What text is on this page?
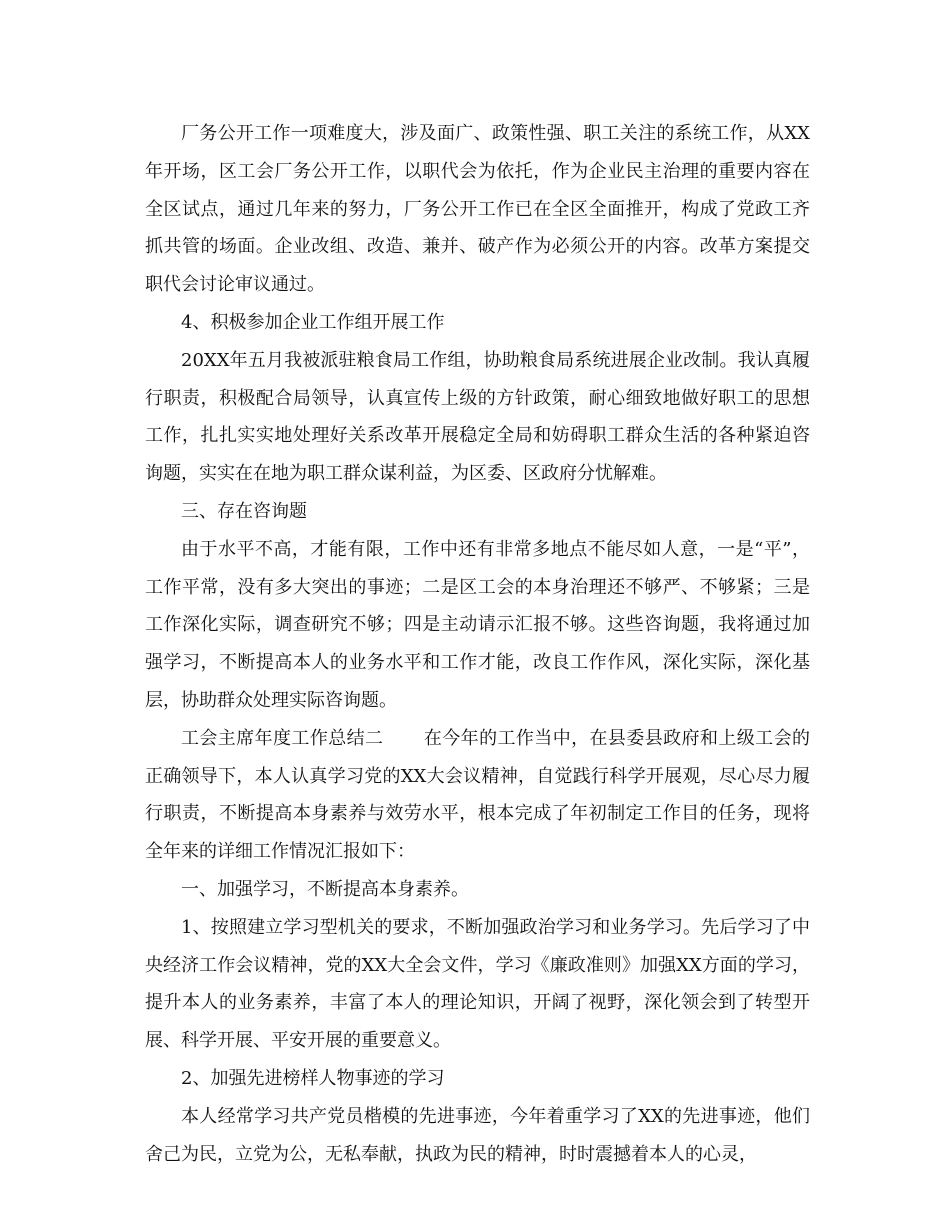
厂务公开工作一项难度大，涉及面广、政策性强、职工关注的系统工作，从XX年开场，区工会厂务公开工作，以职代会为依托，作为企业民主治理的重要内容在全区试点，通过几年来的努力，厂务公开工作已在全区全面推开，构成了党政工齐抓共管的场面。企业改组、改造、兼并、破产作为必须公开的内容。改革方案提交职代会讨论审议通过。

4、积极参加企业工作组开展工作

20XX年五月我被派驻粮食局工作组，协助粮食局系统进展企业改制。我认真履行职责，积极配合局领导，认真宣传上级的方针政策，耐心细致地做好职工的思想工作，扎扎实实地处理好关系改革开展稳定全局和妨碍职工群众生活的各种紧迫咨询题，实实在在地为职工群众谋利益，为区委、区政府分忧解难。

三、存在咨询题

由于水平不高，才能有限，工作中还有非常多地点不能尽如人意，一是“平”，工作平常，没有多大突出的事迹；二是区工会的本身治理还不够严、不够紧；三是工作深化实际，调查研究不够；四是主动请示汇报不够。这些咨询题，我将通过加强学习，不断提高本人的业务水平和工作才能，改良工作作风，深化实际，深化基层，协助群众处理实际咨询题。

工会主席年度工作总结二 在今年的工作当中，在县委县政府和上级工会的正确领导下，本人认真学习党的XX大会议精神，自觉践行科学开展观，尽心尽力履行职责，不断提高本身素养与效劳水平，根本完成了年初制定工作目的任务，现将全年来的详细工作情况汇报如下：

一、加强学习，不断提高本身素养。

1、按照建立学习型机关的要求，不断加强政治学习和业务学习。先后学习了中央经济工作会议精神，党的XX大全会文件，学习《廉政准则》加强XX方面的学习，提升本人的业务素养，丰富了本人的理论知识，开阔了视野，深化领会到了转型开展、科学开展、平安开展的重要意义。

2、加强先进榜样人物事迹的学习

本人经常学习共产党员楷模的先进事迹，今年着重学习了XX的先进事迹，他们舍己为民，立党为公，无私奉献，执政为民的精神，时时震撼着本人的心灵，
